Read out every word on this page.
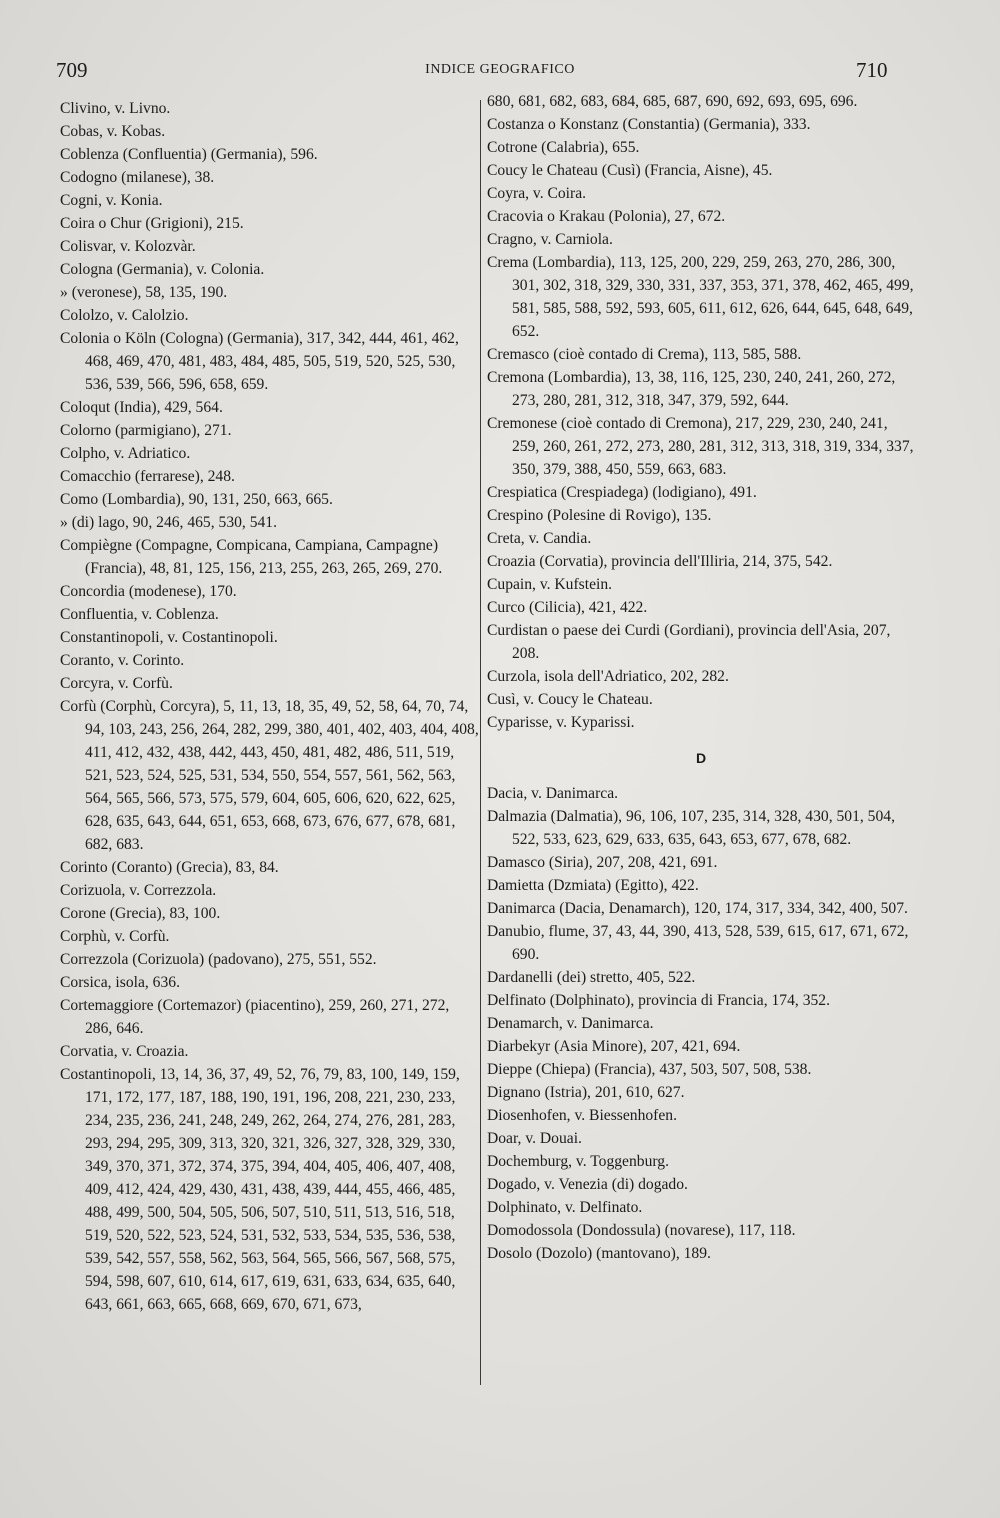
709	INDICE GEOGRAFICO	710

Clivino, v. Livno.

Cobas, v. Kobas.

Coblenza (Confluentia) (Germania), 596.

Codogno (milanese), 38.

Cogni, v. Konia.

Coira o Chur (Grigioni), 215.

Colisvar, v. Kolozvàr.

Cologna (Germania), v. Colonia.

» (veronese), 58, 135, 190.

Cololzo, v. Calolzio.

Colonia o Köln (Cologna) (Germania), 317, 342, 444, 461, 462, 468, 469, 470, 481, 483, 484, 485, 505, 519, 520, 525, 530, 536, 539, 566, 596, 658, 659.

Coloqut (India), 429, 564.

Colorno (parmigiano), 271.

Colpho, v. Adriatico.

Comacchio (ferrarese), 248.

Como (Lombardia), 90, 131, 250, 663, 665.

» (di) lago, 90, 246, 465, 530, 541.

Compiègne (Compagne, Compicana, Campiana, Campagne) (Francia), 48, 81, 125, 156, 213, 255, 263, 265, 269, 270.

Concordia (modenese), 170.

Confluentia, v. Coblenza.

Constantinopoli, v. Costantinopoli.

Coranto, v. Corinto.

Corcyra, v. Corfù.

Corfù (Corphù, Corcyra), 5, 11, 13, 18, 35, 49, 52, 58, 64, 70, 74, 94, 103, 243, 256, 264, 282, 299, 380, 401, 402, 403, 404, 408, 411, 412, 432, 438, 442, 443, 450, 481, 482, 486, 511, 519, 521, 523, 524, 525, 531, 534, 550, 554, 557, 561, 562, 563, 564, 565, 566, 573, 575, 579, 604, 605, 606, 620, 622, 625, 628, 635, 643, 644, 651, 653, 668, 673, 676, 677, 678, 681, 682, 683.

Corinto (Coranto) (Grecia), 83, 84.

Corizuola, v. Correzzola.

Corone (Grecia), 83, 100.

Corphù, v. Corfù.

Correzzola (Corizuola) (padovano), 275, 551, 552.

Corsica, isola, 636.

Cortemaggiore (Cortemazor) (piacentino), 259, 260, 271, 272, 286, 646.

Corvatia, v. Croazia.

Costantinopoli, 13, 14, 36, 37, 49, 52, 76, 79, 83, 100, 149, 159, 171, 172, 177, 187, 188, 190, 191, 196, 208, 221, 230, 233, 234, 235, 236, 241, 248, 249, 262, 264, 274, 276, 281, 283, 293, 294, 295, 309, 313, 320, 321, 326, 327, 328, 329, 330, 349, 370, 371, 372, 374, 375, 394, 404, 405, 406, 407, 408, 409, 412, 424, 429, 430, 431, 438, 439, 444, 455, 466, 485, 488, 499, 500, 504, 505, 506, 507, 510, 511, 513, 516, 518, 519, 520, 522, 523, 524, 531, 532, 533, 534, 535, 536, 538, 539, 542, 557, 558, 562, 563, 564, 565, 566, 567, 568, 575, 594, 598, 607, 610, 614, 617, 619, 631, 633, 634, 635, 640, 643, 661, 663, 665, 668, 669, 670, 671, 673,

680, 681, 682, 683, 684, 685, 687, 690, 692, 693, 695, 696.

Costanza o Konstanz (Constantia) (Germania), 333.

Cotrone (Calabria), 655.

Coucy le Chateau (Cusì) (Francia, Aisne), 45.

Coyra, v. Coira.

Cracovia o Krakau (Polonia), 27, 672.

Cragno, v. Carniola.

Crema (Lombardia), 113, 125, 200, 229, 259, 263, 270, 286, 300, 301, 302, 318, 329, 330, 331, 337, 353, 371, 378, 462, 465, 499, 581, 585, 588, 592, 593, 605, 611, 612, 626, 644, 645, 648, 649, 652.

Cremasco (cioè contado di Crema), 113, 585, 588.

Cremona (Lombardia), 13, 38, 116, 125, 230, 240, 241, 260, 272, 273, 280, 281, 312, 318, 347, 379, 592, 644.

Cremonese (cioè contado di Cremona), 217, 229, 230, 240, 241, 259, 260, 261, 272, 273, 280, 281, 312, 313, 318, 319, 334, 337, 350, 379, 388, 450, 559, 663, 683.

Crespiatica (Crespiadega) (lodigiano), 491.

Crespino (Polesine di Rovigo), 135.

Creta, v. Candia.

Croazia (Corvatia), provincia dell'Illiria, 214, 375, 542.

Cupain, v. Kufstein.

Curco (Cilicia), 421, 422.

Curdistan o paese dei Curdi (Gordiani), provincia dell'Asia, 207, 208.

Curzola, isola dell'Adriatico, 202, 282.

Cusì, v. Coucy le Chateau.

Cyparisse, v. Kyparissi.

D

Dacia, v. Danimarca.

Dalmazia (Dalmatia), 96, 106, 107, 235, 314, 328, 430, 501, 504, 522, 533, 623, 629, 633, 635, 643, 653, 677, 678, 682.

Damasco (Siria), 207, 208, 421, 691.

Damietta (Dzmiata) (Egitto), 422.

Danimarca (Dacia, Denamarch), 120, 174, 317, 334, 342, 400, 507.

Danubio, flume, 37, 43, 44, 390, 413, 528, 539, 615, 617, 671, 672, 690.

Dardanelli (dei) stretto, 405, 522.

Delfinato (Dolphinato), provincia di Francia, 174, 352.

Denamarch, v. Danimarca.

Diarbekyr (Asia Minore), 207, 421, 694.

Dieppe (Chiepa) (Francia), 437, 503, 507, 508, 538.

Dignano (Istria), 201, 610, 627.

Diosenhofen, v. Biessenhofen.

Doar, v. Douai.

Dochemburg, v. Toggenburg.

Dogado, v. Venezia (di) dogado.

Dolphinato, v. Delfinato.

Domodossola (Dondossula) (novarese), 117, 118.

Dosolo (Dozolo) (mantovano), 189.
